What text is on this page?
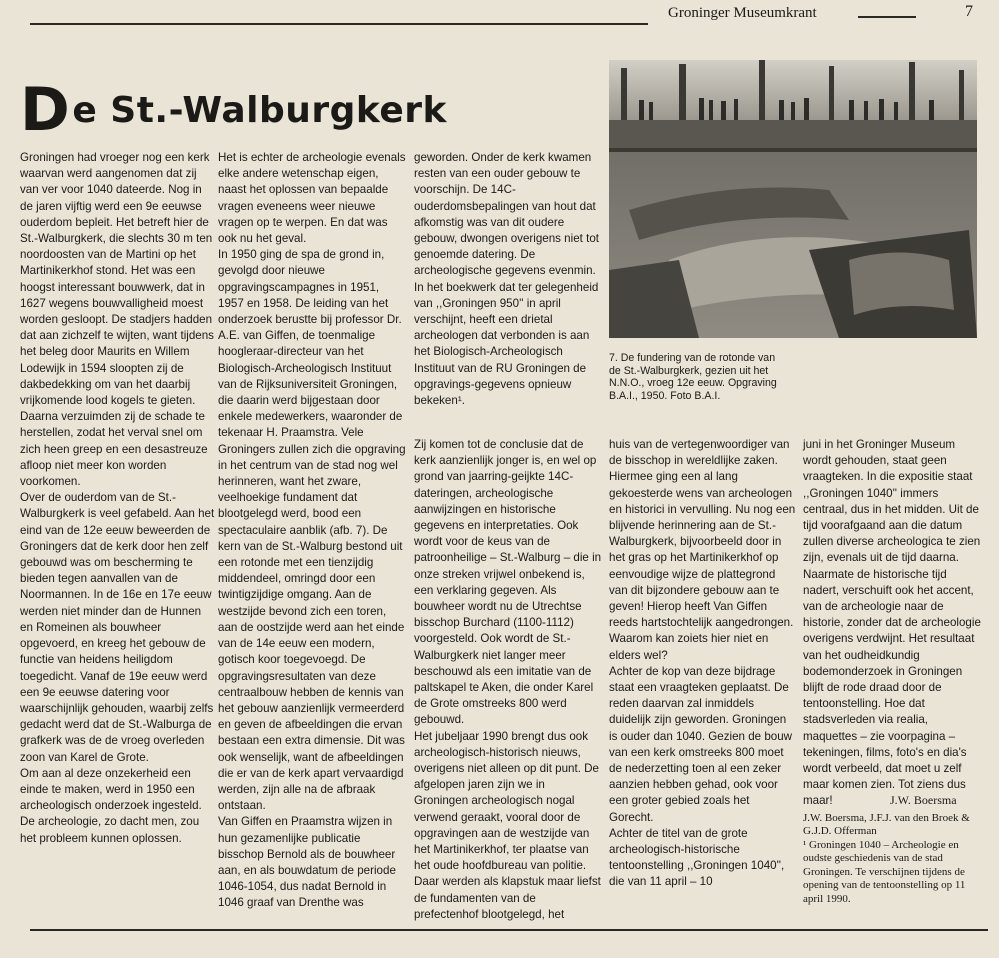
Groninger Museumkrant	7
De St.-Walburgkerk

Groningen had vroeger nog een kerk waarvan werd aangenomen dat zij van ver voor 1040 dateerde. Nog in de jaren vijftig werd een 9e eeuwse ouderdom bepleit. Het betreft hier de St.-Walburgkerk, die slechts 30 m ten noordoosten van de Martini op het Martinikerkhof stond. Het was een hoogst interessant bouwwerk, dat in 1627 wegens bouwvalligheid moest worden gesloopt. De stadjers hadden dat aan zichzelf te wijten, want tijdens het beleg door Maurits en Willem Lodewijk in 1594 sloopten zij de dakbedekking om van het daarbij vrijkomende lood kogels te gieten. Daarna verzuimden zij de schade te herstellen, zodat het verval snel om zich heen greep en een desastreuze afloop niet meer kon worden voorkomen.

Over de ouderdom van de St.-Walburgkerk is veel gefabeld. Aan het eind van de 12e eeuw beweerden de Groningers dat de kerk door hen zelf gebouwd was om bescherming te bieden tegen aanvallen van de Noormannen. In de 16e en 17e eeuw werden niet minder dan de Hunnen en Romeinen als bouwheer opgevoerd, en kreeg het gebouw de functie van heidens heiligdom toegedicht. Vanaf de 19e eeuw werd een 9e eeuwse datering voor waarschijnlijk gehouden, waarbij zelfs gedacht werd dat de St.-Walburga de grafkerk was de de vroeg overleden zoon van Karel de Grote.

Om aan al deze onzekerheid een einde te maken, werd in 1950 een archeologisch onderzoek ingesteld. De archeologie, zo dacht men, zou het probleem kunnen oplossen.

Het is echter de archeologie evenals elke andere wetenschap eigen, naast het oplossen van bepaalde vragen eveneens weer nieuwe vragen op te werpen. En dat was ook nu het geval.

In 1950 ging de spa de grond in, gevolgd door nieuwe opgravingscampagnes in 1951, 1957 en 1958. De leiding van het onderzoek berustte bij professor Dr. A.E. van Giffen, de toenmalige hoogleraar-directeur van het Biologisch-Archeologisch Instituut van de Rijksuniversiteit Groningen, die daarin werd bijgestaan door enkele medewerkers, waaronder de tekenaar H. Praamstra. Vele Groningers zullen zich die opgraving in het centrum van de stad nog wel herinneren, want het zware, veelhoekige fundament dat blootgelegd werd, bood een spectaculaire aanblik (afb. 7). De kern van de St.-Walburg bestond uit een rotonde met een tienzijdig middendeel, omringd door een twintigzijdige omgang. Aan de westzijde bevond zich een toren, aan de oostzijde werd aan het einde van de 14e eeuw een modern, gotisch koor toegevoegd. De opgravingsresultaten van deze centraalbouw hebben de kennis van het gebouw aanzienlijk vermeerderd en geven de afbeeldingen die ervan bestaan een extra dimensie. Dit was ook wenselijk, want de afbeeldingen die er van de kerk apart vervaardigd werden, zijn alle na de afbraak ontstaan.

Van Giffen en Praamstra wijzen in hun gezamenlijke publicatie bisschop Bernold als de bouwheer aan, en als bouwdatum de periode 1046-1054, dus nadat Bernold in 1046 graaf van Drenthe was

geworden. Onder de kerk kwamen resten van een ouder gebouw te voorschijn. De 14C-ouderdomsbepalingen van hout dat afkomstig was van dit oudere gebouw, dwongen overigens niet tot genoemde datering. De archeologische gegevens evenmin.

In het boekwerk dat ter gelegenheid van ,,Groningen 950'' in april verschijnt, heeft een drietal archeologen dat verbonden is aan het Biologisch-Archeologisch Instituut van de RU Groningen de opgravings-gegevens opnieuw bekeken¹.

Zij komen tot de conclusie dat de kerk aanzienlijk jonger is, en wel op grond van jaarring-geijkte 14C-dateringen, archeologische aanwijzingen en historische gegevens en interpretaties. Ook wordt voor de keus van de patroonheilige – St.-Walburg – die in onze streken vrijwel onbekend is, een verklaring gegeven. Als bouwheer wordt nu de Utrechtse bisschop Burchard (1100-1112) voorgesteld. Ook wordt de St.-Walburgkerk niet langer meer beschouwd als een imitatie van de paltskapel te Aken, die onder Karel de Grote omstreeks 800 werd gebouwd.

Het jubeljaar 1990 brengt dus ook archeologisch-historisch nieuws, overigens niet alleen op dit punt. De afgelopen jaren zijn we in Groningen archeologisch nogal verwend geraakt, vooral door de opgravingen aan de westzijde van het Martinikerkhof, ter plaatse van het oude hoofdbureau van politie. Daar werden als klapstuk maar liefst de fundamenten van de prefectenhof blootgelegd, het

7. De fundering van de rotonde van de St.-Walburgkerk, gezien uit het N.N.O., vroeg 12e eeuw. Opgraving B.A.I., 1950. Foto B.A.I.

huis van de vertegenwoordiger van de bisschop in wereldlijke zaken. Hiermee ging een al lang gekoesterde wens van archeologen en historici in vervulling. Nu nog een blijvende herinnering aan de St.-Walburgkerk, bijvoorbeeld door in het gras op het Martinikerkhof op eenvoudige wijze de plattegrond van dit bijzondere gebouw aan te geven! Hierop heeft Van Giffen reeds hartstochtelijk aangedrongen. Waarom kan zoiets hier niet en elders wel?

Achter de kop van deze bijdrage staat een vraagteken geplaatst. De reden daarvan zal inmiddels duidelijk zijn geworden. Groningen is ouder dan 1040. Gezien de bouw van een kerk omstreeks 800 moet de nederzetting toen al een zeker aanzien hebben gehad, ook voor een groter gebied zoals het Gorecht.

Achter de titel van de grote archeologisch-historische tentoonstelling ,,Groningen 1040'', die van 11 april – 10

juni in het Groninger Museum wordt gehouden, staat geen vraagteken. In die expositie staat ,,Groningen 1040'' immers centraal, dus in het midden. Uit de tijd voorafgaand aan die datum zullen diverse archeologica te zien zijn, evenals uit de tijd daarna.

Naarmate de historische tijd nadert, verschuift ook het accent, van de archeologie naar de historie, zonder dat de archeologie overigens verdwijnt. Het resultaat van het oudheidkundig bodemonderzoek in Groningen blijft de rode draad door de tentoonstelling. Hoe dat stadsverleden via realia, maquettes – zie voorpagina – tekeningen, films, foto's en dia's wordt verbeeld, dat moet u zelf maar komen zien. Tot ziens dus maar!	J.W. Boersma
J.W. Boersma, J.F.J. van den Broek & G.J.D. Offerman
¹ Groningen 1040 – Archeologie en oudste geschiedenis van de stad Groningen. Te verschijnen tijdens de opening van de tentoonstelling op 11 april 1990.
